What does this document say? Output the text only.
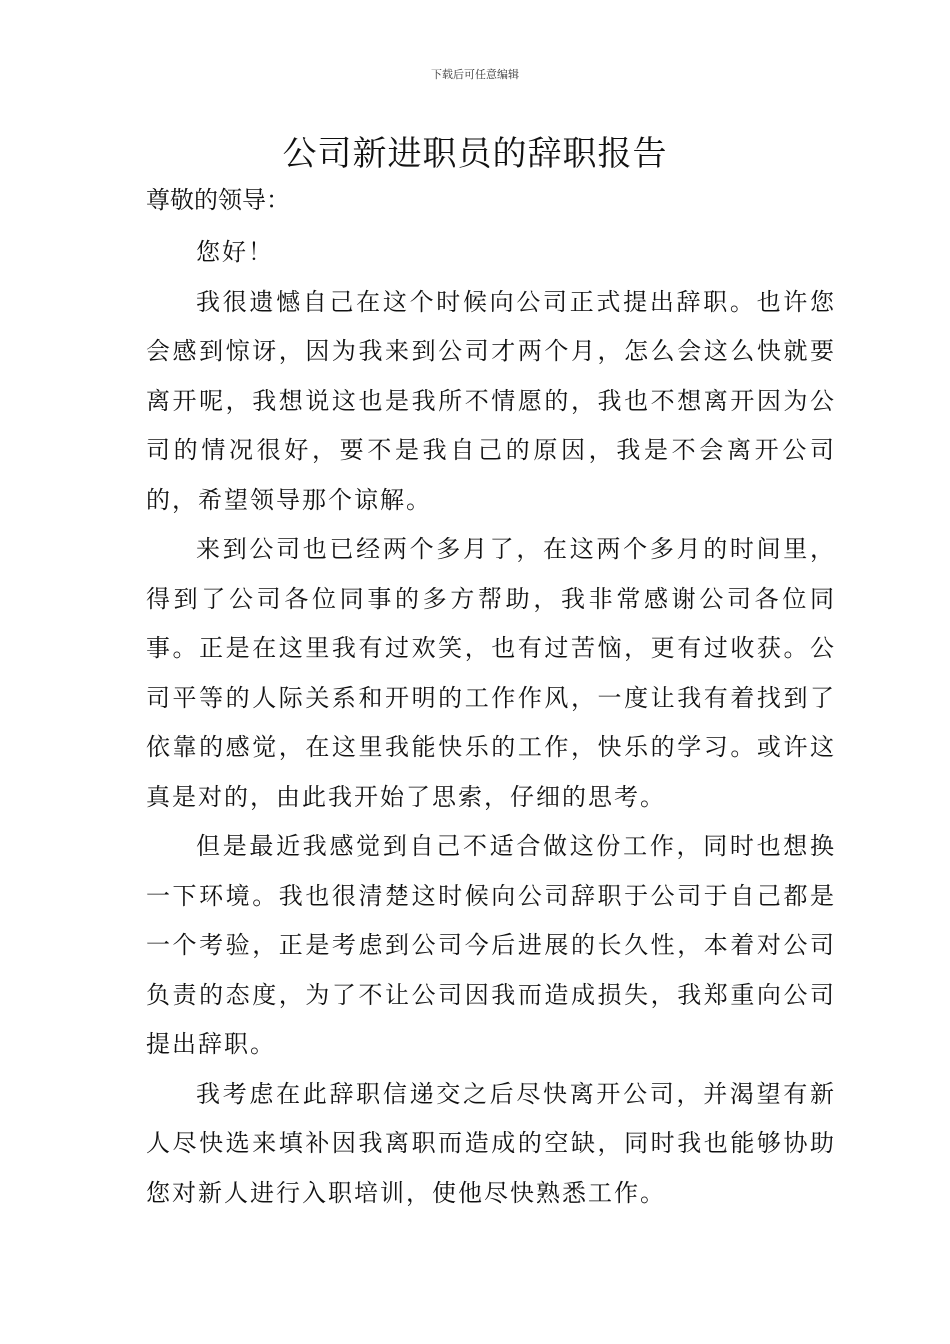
下载后可任意编辑
公司新进职员的辞职报告

尊敬的领导：

您好！

我很遗憾自己在这个时候向公司正式提出辞职。也许您会感到惊讶，因为我来到公司才两个月，怎么会这么快就要离开呢，我想说这也是我所不情愿的，我也不想离开因为公司的情况很好，要不是我自己的原因，我是不会离开公司的，希望领导那个谅解。

来到公司也已经两个多月了，在这两个多月的时间里，得到了公司各位同事的多方帮助，我非常感谢公司各位同事。正是在这里我有过欢笑，也有过苦恼，更有过收获。公司平等的人际关系和开明的工作作风，一度让我有着找到了依靠的感觉，在这里我能快乐的工作，快乐的学习。或许这真是对的，由此我开始了思索，仔细的思考。

但是最近我感觉到自己不适合做这份工作，同时也想换一下环境。我也很清楚这时候向公司辞职于公司于自己都是一个考验，正是考虑到公司今后进展的长久性，本着对公司负责的态度，为了不让公司因我而造成损失，我郑重向公司提出辞职。

我考虑在此辞职信递交之后尽快离开公司，并渴望有新人尽快选来填补因我离职而造成的空缺，同时我也能够协助您对新人进行入职培训，使他尽快熟悉工作。
